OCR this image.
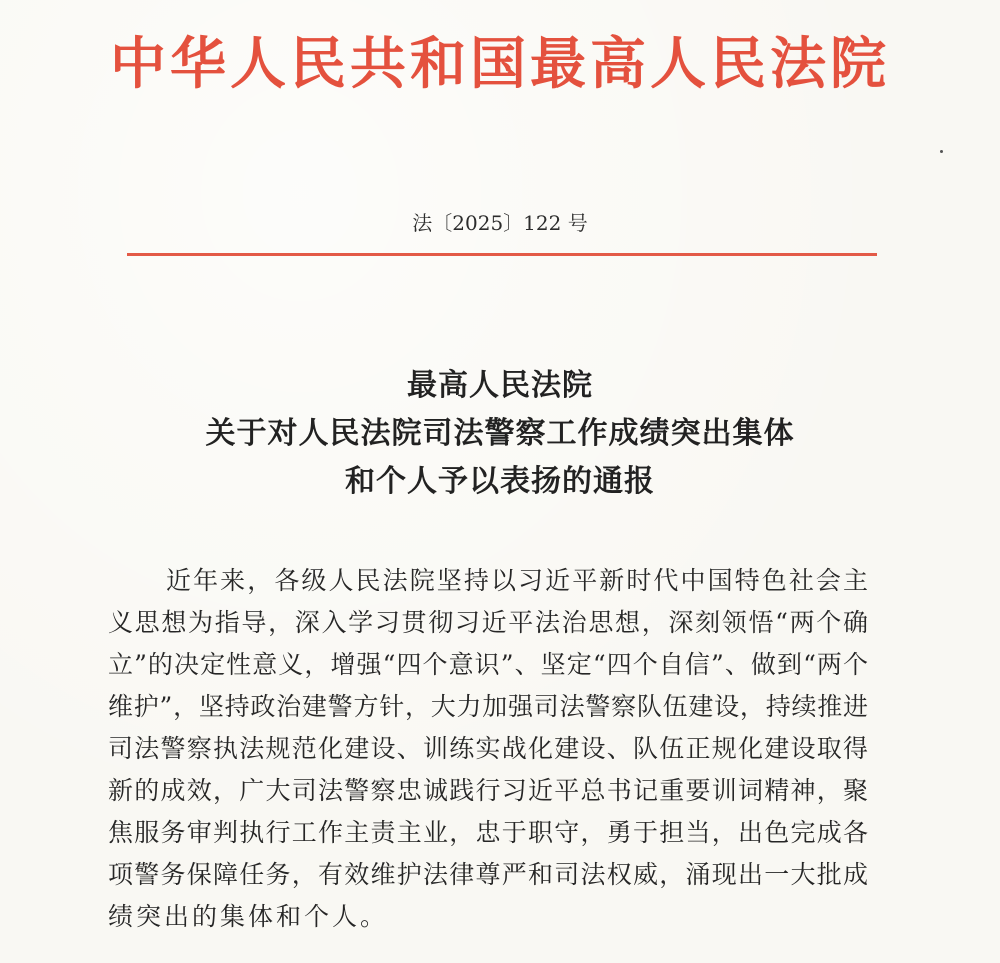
中华人民共和国最高人民法院
法〔2025〕122 号
最高人民法院
关于对人民法院司法警察工作成绩突出集体
和个人予以表扬的通报
近年来，各级人民法院坚持以习近平新时代中国特色社会主
义思想为指导，深入学习贯彻习近平法治思想，深刻领悟“两个确
立”的决定性意义，增强“四个意识”、坚定“四个自信”、做到“两个
维护”，坚持政治建警方针，大力加强司法警察队伍建设，持续推进
司法警察执法规范化建设、训练实战化建设、队伍正规化建设取得
新的成效，广大司法警察忠诚践行习近平总书记重要训词精神，聚
焦服务审判执行工作主责主业，忠于职守，勇于担当，出色完成各
项警务保障任务，有效维护法律尊严和司法权威，涌现出一大批成
绩突出的集体和个人。
